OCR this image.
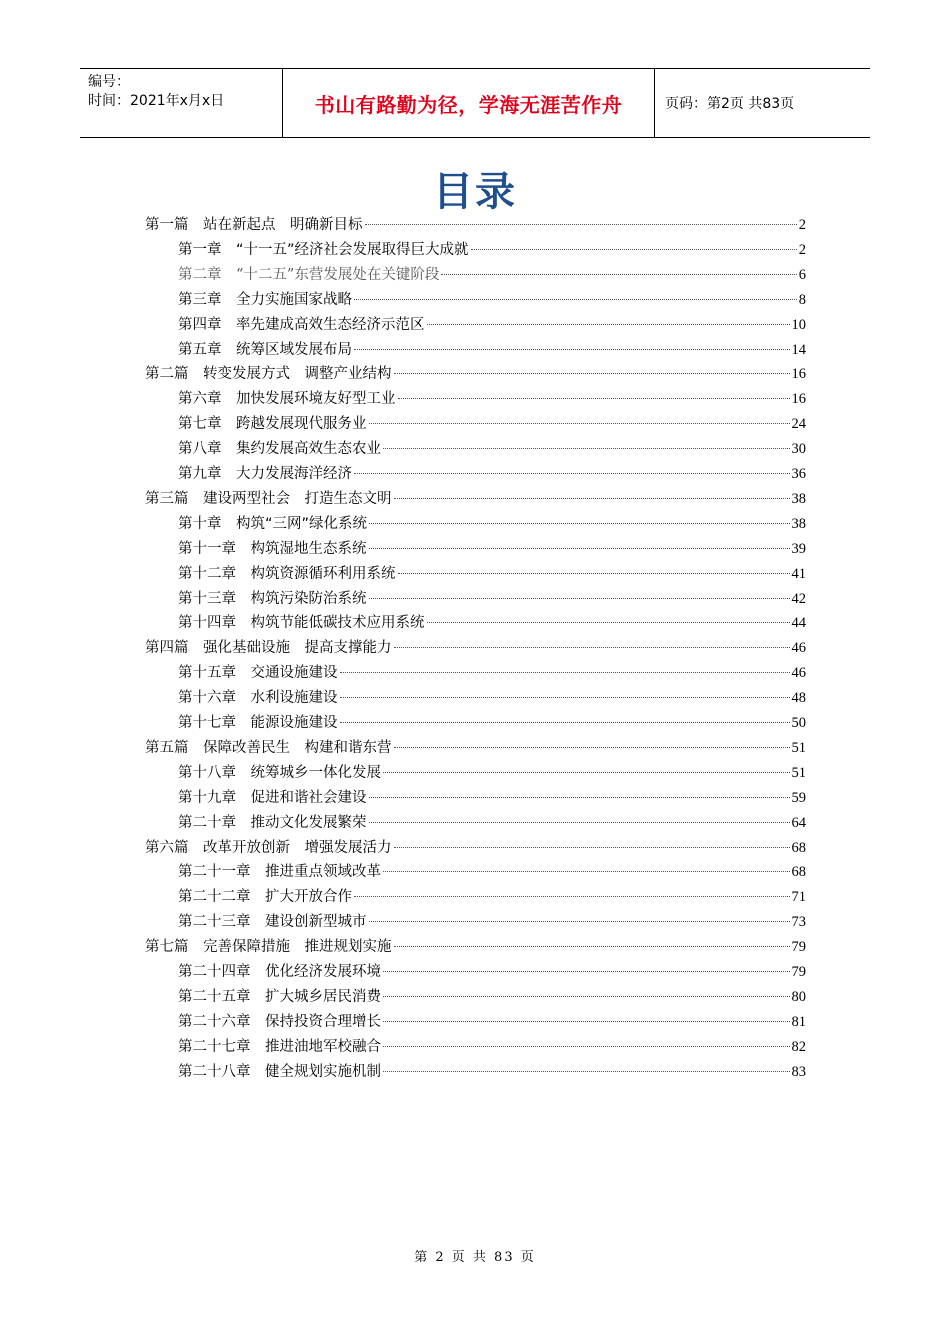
编号：
时间：2021年x月x日	书山有路勤为径，学海无涯苦作舟	页码：第2页 共83页
目录
第一篇　站在新起点　明确新目标	2
第一章　“十一五”经济社会发展取得巨大成就	2
第二章　“十二五”东营发展处在关键阶段	6
第三章　全力实施国家战略	8
第四章　率先建成高效生态经济示范区	10
第五章　统筹区域发展布局	14
第二篇　转变发展方式　调整产业结构	16
第六章　加快发展环境友好型工业	16
第七章　跨越发展现代服务业	24
第八章　集约发展高效生态农业	30
第九章　大力发展海洋经济	36
第三篇　建设两型社会　打造生态文明	38
第十章　构筑“三网”绿化系统	38
第十一章　构筑湿地生态系统	39
第十二章　构筑资源循环利用系统	41
第十三章　构筑污染防治系统	42
第十四章　构筑节能低碳技术应用系统	44
第四篇　强化基础设施　提高支撑能力	46
第十五章　交通设施建设	46
第十六章　水利设施建设	48
第十七章　能源设施建设	50
第五篇　保障改善民生　构建和谐东营	51
第十八章　统筹城乡一体化发展	51
第十九章　促进和谐社会建设	59
第二十章　推动文化发展繁荣	64
第六篇　改革开放创新　增强发展活力	68
第二十一章　推进重点领域改革	68
第二十二章　扩大开放合作	71
第二十三章　建设创新型城市	73
第七篇　完善保障措施　推进规划实施	79
第二十四章　优化经济发展环境	79
第二十五章　扩大城乡居民消费	80
第二十六章　保持投资合理增长	81
第二十七章　推进油地军校融合	82
第二十八章　健全规划实施机制	83
第 2 页 共 83 页
